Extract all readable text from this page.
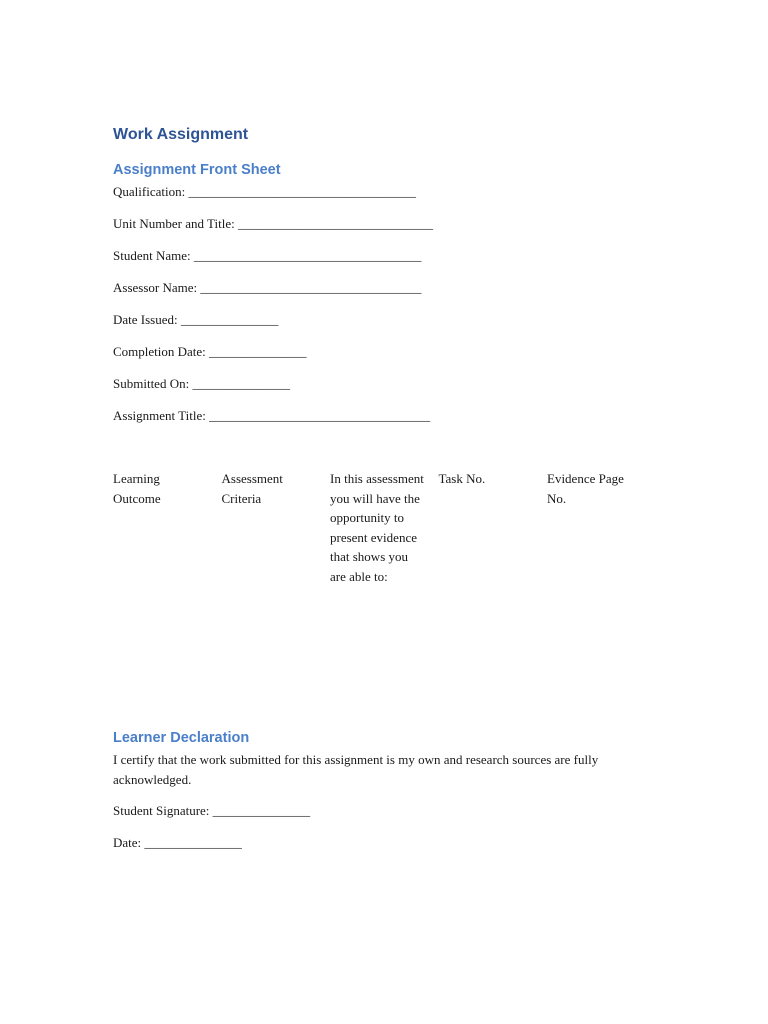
Work Assignment
Assignment Front Sheet

Qualification: ___________________________________

Unit Number and Title: ______________________________

Student Name: ___________________________________

Assessor Name: __________________________________

Date Issued: _______________

Completion Date: _______________

Submitted On: _______________

Assignment Title: __________________________________

Learning Outcome	Assessment Criteria	In this assessment you will have the opportunity to present evidence that shows you are able to:	Task No.	Evidence Page No.

Learner Declaration

I certify that the work submitted for this assignment is my own and research sources are fully acknowledged.

Student Signature: _______________

Date: _______________
